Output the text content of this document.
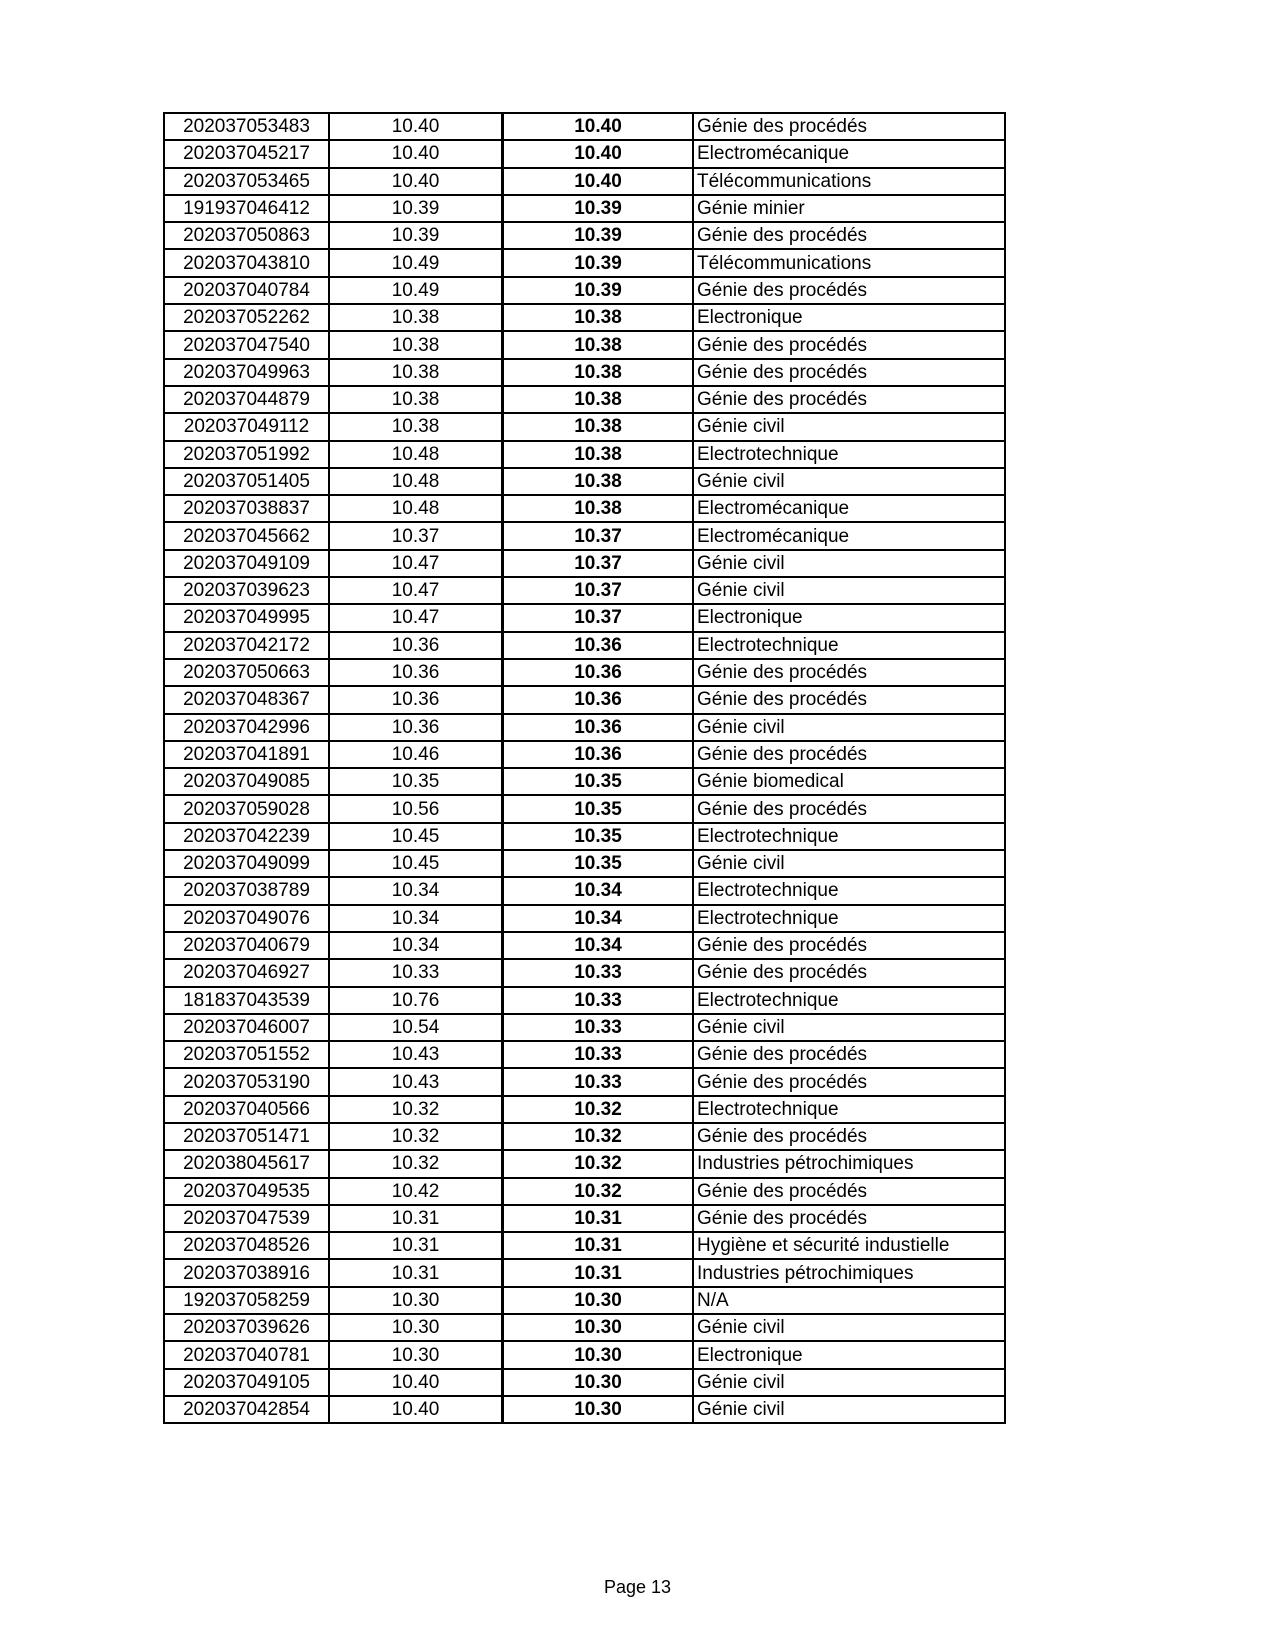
202037053483	10.40	10.40	Génie des procédés
202037045217	10.40	10.40	Electromécanique
202037053465	10.40	10.40	Télécommunications
191937046412	10.39	10.39	Génie minier
202037050863	10.39	10.39	Génie des procédés
202037043810	10.49	10.39	Télécommunications
202037040784	10.49	10.39	Génie des procédés
202037052262	10.38	10.38	Electronique
202037047540	10.38	10.38	Génie des procédés
202037049963	10.38	10.38	Génie des procédés
202037044879	10.38	10.38	Génie des procédés
202037049112	10.38	10.38	Génie civil
202037051992	10.48	10.38	Electrotechnique
202037051405	10.48	10.38	Génie civil
202037038837	10.48	10.38	Electromécanique
202037045662	10.37	10.37	Electromécanique
202037049109	10.47	10.37	Génie civil
202037039623	10.47	10.37	Génie civil
202037049995	10.47	10.37	Electronique
202037042172	10.36	10.36	Electrotechnique
202037050663	10.36	10.36	Génie des procédés
202037048367	10.36	10.36	Génie des procédés
202037042996	10.36	10.36	Génie civil
202037041891	10.46	10.36	Génie des procédés
202037049085	10.35	10.35	Génie biomedical
202037059028	10.56	10.35	Génie des procédés
202037042239	10.45	10.35	Electrotechnique
202037049099	10.45	10.35	Génie civil
202037038789	10.34	10.34	Electrotechnique
202037049076	10.34	10.34	Electrotechnique
202037040679	10.34	10.34	Génie des procédés
202037046927	10.33	10.33	Génie des procédés
181837043539	10.76	10.33	Electrotechnique
202037046007	10.54	10.33	Génie civil
202037051552	10.43	10.33	Génie des procédés
202037053190	10.43	10.33	Génie des procédés
202037040566	10.32	10.32	Electrotechnique
202037051471	10.32	10.32	Génie des procédés
202038045617	10.32	10.32	Industries pétrochimiques
202037049535	10.42	10.32	Génie des procédés
202037047539	10.31	10.31	Génie des procédés
202037048526	10.31	10.31	Hygiène et sécurité industielle
202037038916	10.31	10.31	Industries pétrochimiques
192037058259	10.30	10.30	N/A
202037039626	10.30	10.30	Génie civil
202037040781	10.30	10.30	Electronique
202037049105	10.40	10.30	Génie civil
202037042854	10.40	10.30	Génie civil
Page 13
